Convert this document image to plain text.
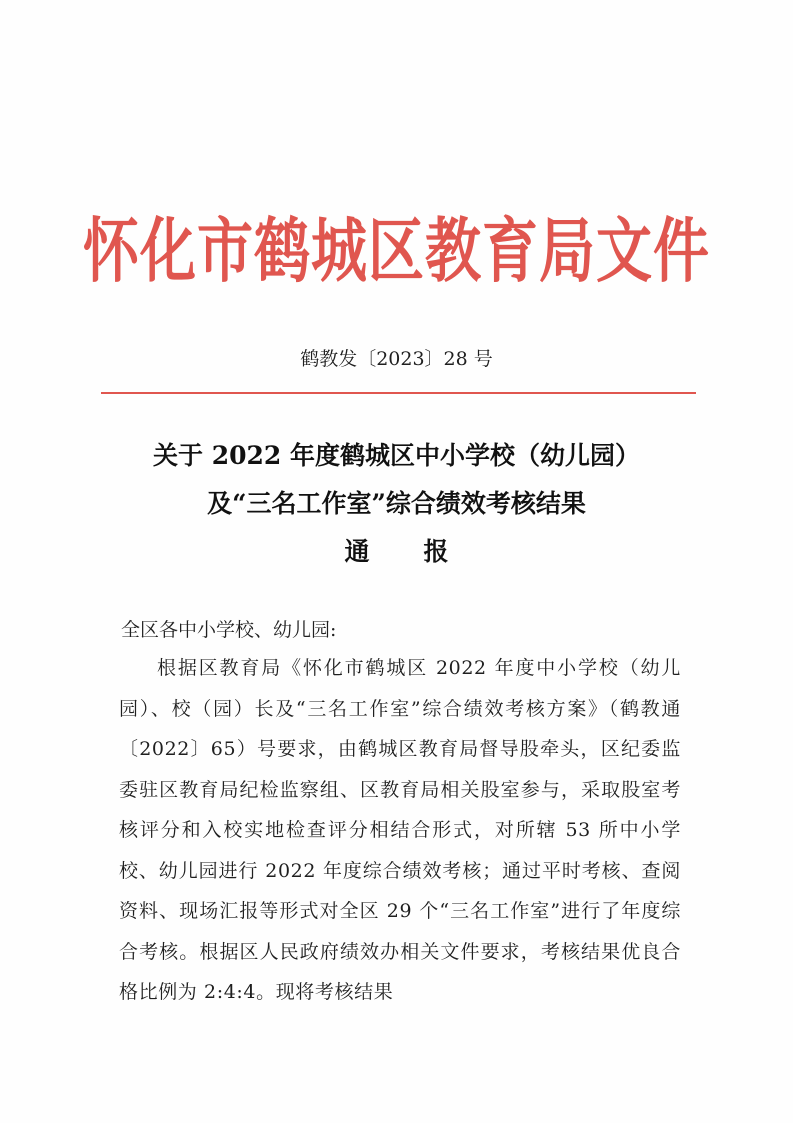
怀化市鹤城区教育局文件
鹤教发〔2023〕28 号
关于 2022 年度鹤城区中小学校（幼儿园）
及“三名工作室”综合绩效考核结果
通报
全区各中小学校、幼儿园:
根据区教育局《怀化市鹤城区 2022 年度中小学校（幼儿园）、校（园）长及“三名工作室”综合绩效考核方案》（鹤教通〔2022〕65）号要求，由鹤城区教育局督导股牵头，区纪委监委驻区教育局纪检监察组、区教育局相关股室参与，采取股室考核评分和入校实地检查评分相结合形式，对所辖 53 所中小学校、幼儿园进行 2022 年度综合绩效考核；通过平时考核、查阅资料、现场汇报等形式对全区 29 个“三名工作室”进行了年度综合考核。根据区人民政府绩效办相关文件要求，考核结果优良合格比例为 2:4:4。现将考核结果
